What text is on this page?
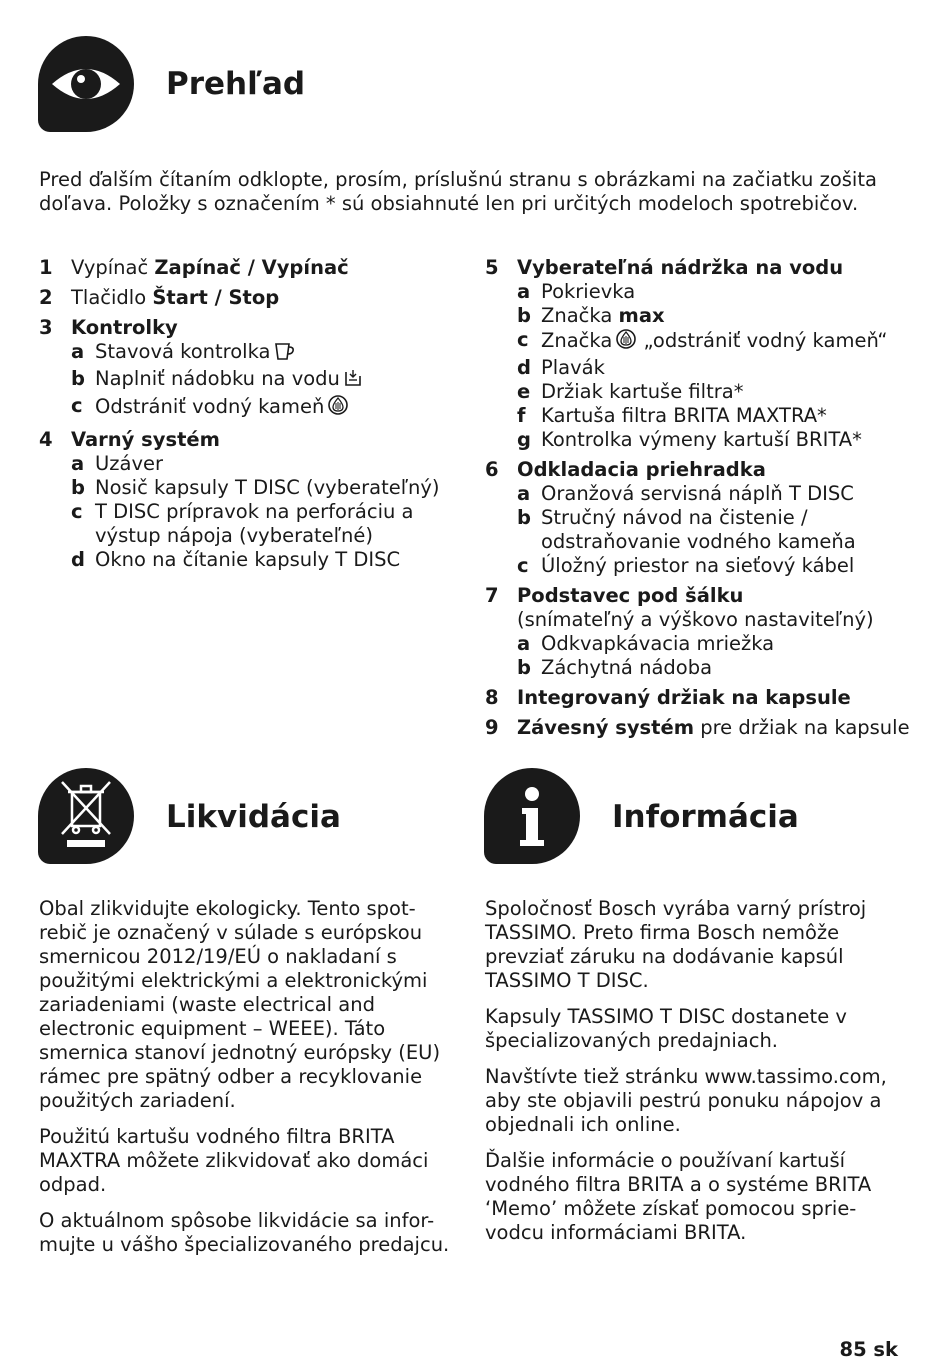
Prehľad
Pred ďalším čítaním odklopte, prosím, príslušnú stranu s obrázkami na začiatku zošita doľava. Položky s označením * sú obsiahnuté len pri určitých modeloch spotrebičov.
1 Vypínač Zapínač / Vypínač
2 Tlačidlo Štart / Stop
3 Kontrolky
a Stavová kontrolka
b Naplniť nádobku na vodu
c Odstrániť vodný kameň
4 Varný systém
a Uzáver
b Nosič kapsuly T DISC (vyberateľný)
c T DISC prípravok na perforáciu a výstup nápoja (vyberateľné)
d Okno na čítanie kapsuly T DISC
5 Vyberateľná nádržka na vodu
a Pokrievka
b Značka max
c Značka „odstrániť vodný kameň“
d Plavák
e Držiak kartuše filtra*
f Kartuša filtra BRITA MAXTRA*
g Kontrolka výmeny kartuší BRITA*
6 Odkladacia priehradka
a Oranžová servisná náplň T DISC
b Stručný návod na čistenie / odstraňovanie vodného kameňa
c Úložný priestor na sieťový kábel
7 Podstavec pod šálku
(snímateľný a výškovo nastaviteľný)
a Odkvapkávacia mriežka
b Záchytná nádoba
8 Integrovaný držiak na kapsule
9 Závesný systém pre držiak na kapsule
Likvidácia

Obal zlikvidujte ekologicky. Tento spot-rebič je označený v súlade s európskou smernicou 2012/19/EÚ o nakladaní s použitými elektrickými a elektronickými zariadeniami (waste electrical and electronic equipment – WEEE). Táto smernica stanoví jednotný európsky (EU) rámec pre spätný odber a recyklovanie použitých zariadení.

Použitú kartušu vodného filtra BRITA MAXTRA môžete zlikvidovať ako domáci odpad.

O aktuálnom spôsobe likvidácie sa infor-mujte u vášho špecializovaného predajcu.

Informácia

Spoločnosť Bosch vyrába varný prístroj TASSIMO. Preto firma Bosch nemôže prevziať záruku na dodávanie kapsúl TASSIMO T DISC.

Kapsuly TASSIMO T DISC dostanete v špecializovaných predajniach.

Navštívte tiež stránku www.tassimo.com, aby ste objavili pestrú ponuku nápojov a objednali ich online.

Ďalšie informácie o používaní kartuší vodného filtra BRITA a o systéme BRITA ‘Memo’ môžete získať pomocou sprie-vodcu informáciami BRITA.

85 sk
